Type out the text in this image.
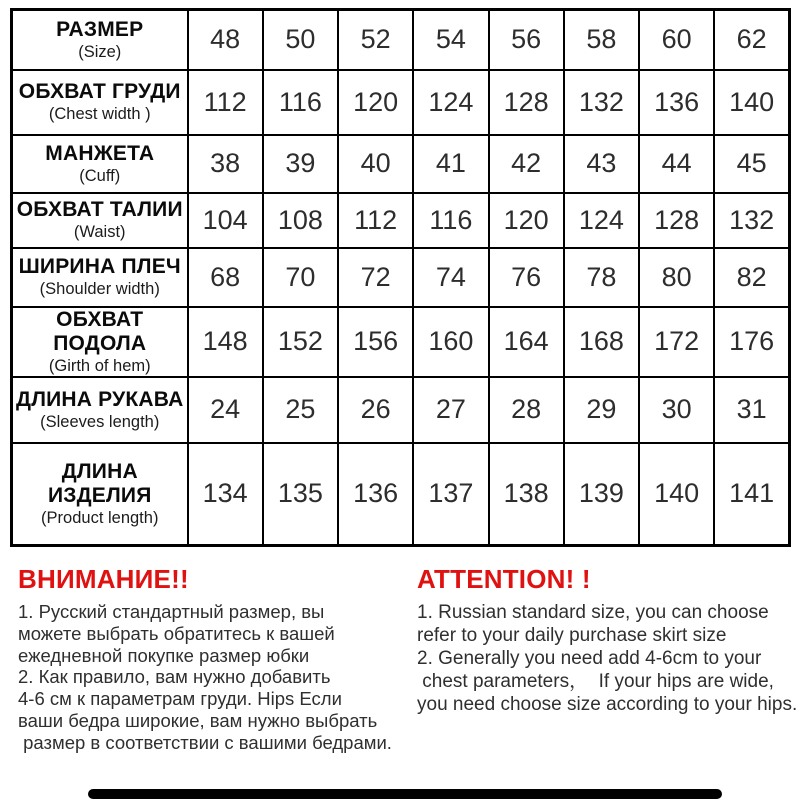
РАЗМЕР
(Size)	48	50	52	54	56	58	60	62

ОБХВАТ ГРУДИ
(Chest width )	112	116	120	124	128	132	136	140

МАНЖЕТА
(Cuff)	38	39	40	41	42	43	44	45

ОБХВАТ ТАЛИИ
(Waist)	104	108	112	116	120	124	128	132

ШИРИНА ПЛЕЧ
(Shoulder width)	68	70	72	74	76	78	80	82

ОБХВАТ ПОДОЛА
(Girth of hem)	148	152	156	160	164	168	172	176

ДЛИНА РУКАВА
(Sleeves length)	24	25	26	27	28	29	30	31

ДЛИНА ИЗДЕЛИЯ
(Product length)	134	135	136	137	138	139	140	141
ВНИМАНИЕ!!
1. Русский стандартный размер, вы
можете выбрать обратитесь к вашей
ежедневной покупке размер юбки
2. Как правило, вам нужно добавить
4-6 см к параметрам груди. Hips Если
ваши бедра широкие, вам нужно выбрать
размер в соответствии с вашими бедрами.
ATTENTION! !
1. Russian standard size, you can choose
refer to your daily purchase skirt size
2. Generally you need add 4-6cm to your
chest parameters，  If your hips are wide,
you need choose size according to your hips.
